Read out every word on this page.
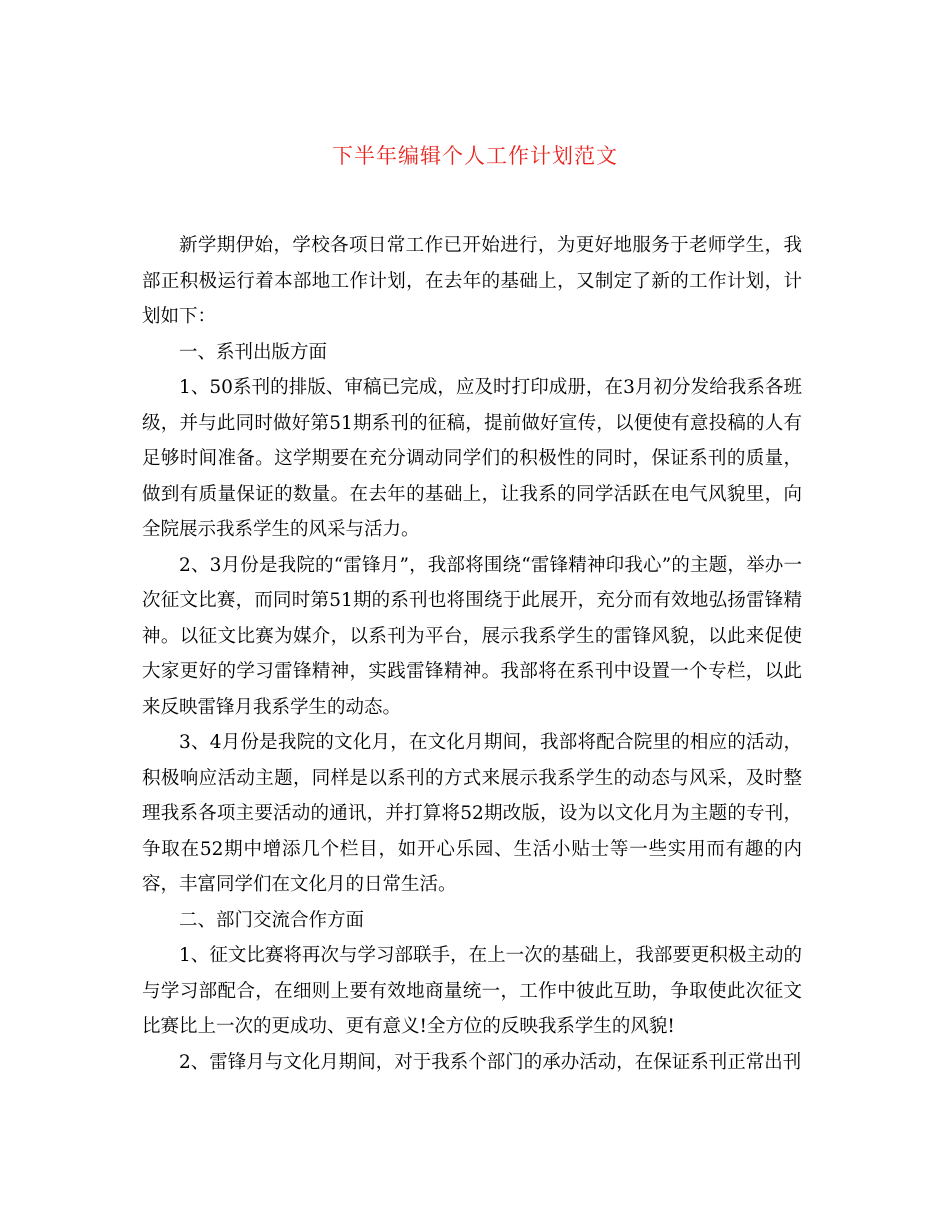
下半年编辑个人工作计划范文

新学期伊始，学校各项日常工作已开始进行，为更好地服务于老师学生，我部正积极运行着本部地工作计划，在去年的基础上，又制定了新的工作计划，计划如下：

一、系刊出版方面

1、50系刊的排版、审稿已完成，应及时打印成册，在3月初分发给我系各班级，并与此同时做好第51期系刊的征稿，提前做好宣传，以便使有意投稿的人有足够时间准备。这学期要在充分调动同学们的积极性的同时，保证系刊的质量，做到有质量保证的数量。在去年的基础上，让我系的同学活跃在电气风貌里，向全院展示我系学生的风采与活力。

2、3月份是我院的“雷锋月”，我部将围绕“雷锋精神印我心”的主题，举办一次征文比赛，而同时第51期的系刊也将围绕于此展开，充分而有效地弘扬雷锋精神。以征文比赛为媒介，以系刊为平台，展示我系学生的雷锋风貌，以此来促使大家更好的学习雷锋精神，实践雷锋精神。我部将在系刊中设置一个专栏，以此来反映雷锋月我系学生的动态。

3、4月份是我院的文化月，在文化月期间，我部将配合院里的相应的活动，积极响应活动主题，同样是以系刊的方式来展示我系学生的动态与风采，及时整理我系各项主要活动的通讯，并打算将52期改版，设为以文化月为主题的专刊，争取在52期中增添几个栏目，如开心乐园、生活小贴士等一些实用而有趣的内容，丰富同学们在文化月的日常生活。

二、部门交流合作方面

1、征文比赛将再次与学习部联手，在上一次的基础上，我部要更积极主动的与学习部配合，在细则上要有效地商量统一，工作中彼此互助，争取使此次征文比赛比上一次的更成功、更有意义!全方位的反映我系学生的风貌!

2、雷锋月与文化月期间，对于我系个部门的承办活动，在保证系刊正常出刊
